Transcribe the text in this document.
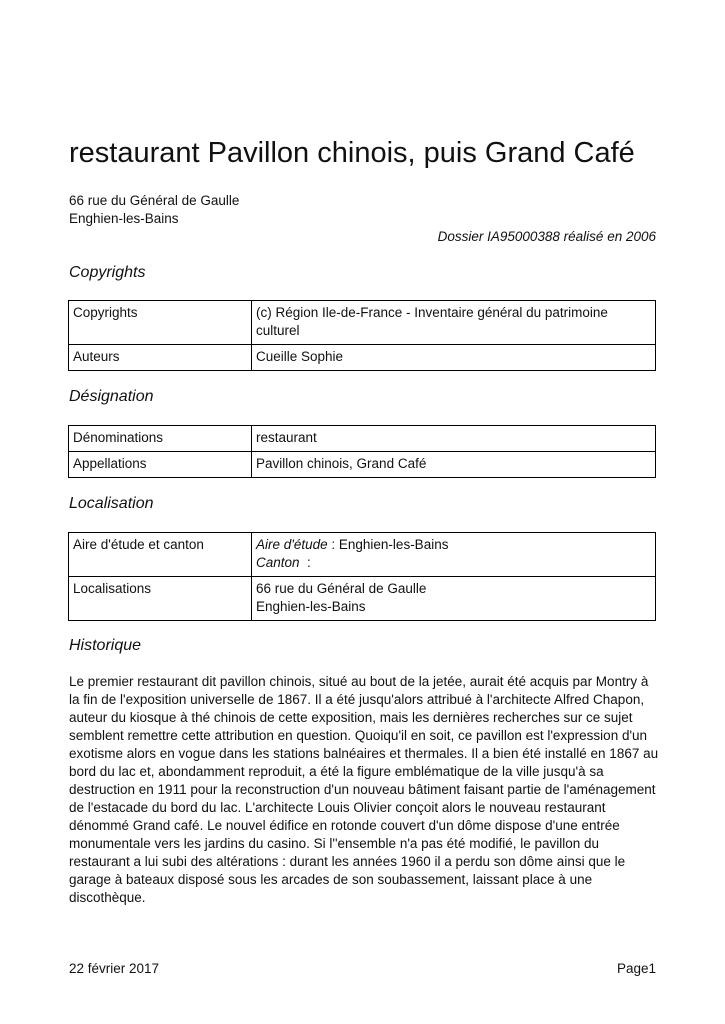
restaurant Pavillon chinois, puis Grand Café
66 rue du Général de Gaulle
Enghien-les-Bains
Dossier IA95000388 réalisé en 2006
Copyrights
Copyrights	(c) Région Ile-de-France - Inventaire général du patrimoine culturel
Auteurs	Cueille Sophie
Désignation
Dénominations	restaurant
Appellations	Pavillon chinois, Grand Café
Localisation
Aire d'étude et canton	Aire d'étude : Enghien-les-Bains
Canton  :

Localisations	66 rue du Général de Gaulle
Enghien-les-Bains
Historique

Le premier restaurant dit pavillon chinois, situé au bout de la jetée, aurait été acquis par Montry à la fin de l'exposition universelle de 1867. Il a été jusqu'alors attribué à l'architecte Alfred Chapon, auteur du kiosque à thé chinois de cette exposition, mais les dernières recherches sur ce sujet semblent remettre cette attribution en question. Quoiqu'il en soit, ce pavillon est l'expression d'un exotisme alors en vogue dans les stations balnéaires et thermales. Il a bien été installé en 1867 au bord du lac et, abondamment reproduit, a été la figure emblématique de la ville jusqu'à sa destruction en 1911 pour la reconstruction d'un nouveau bâtiment faisant partie de l'aménagement de l'estacade du bord du lac. L'architecte Louis Olivier conçoit alors le nouveau restaurant dénommé Grand café. Le nouvel édifice en rotonde couvert d'un dôme dispose d'une entrée monumentale vers les jardins du casino. Si l''ensemble n'a pas été modifié, le pavillon du restaurant a lui subi des altérations : durant les années 1960 il a perdu son dôme ainsi que le garage à bateaux disposé sous les arcades de son soubassement, laissant place à une discothèque.

22 février 2017	Page1
